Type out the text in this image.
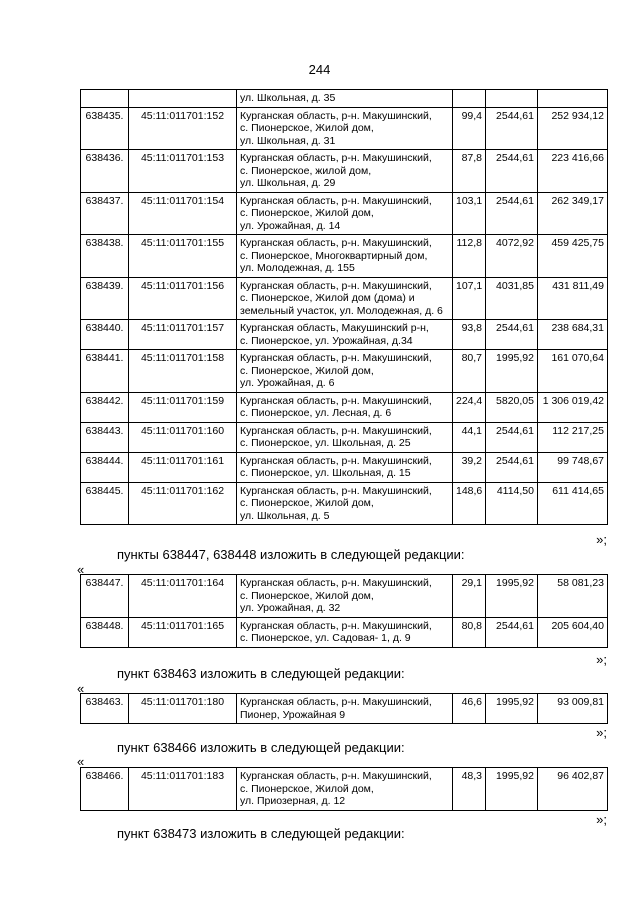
244
		ул. Школьная, д. 35			
638435.	45:11:011701:152	Курганская область, р-н. Макушинский,
с. Пионерское, Жилой дом,
ул. Школьная, д. 31	99,4	2544,61	252 934,12
638436.	45:11:011701:153	Курганская область, р-н. Макушинский,
с. Пионерское, жилой дом,
ул. Школьная, д. 29	87,8	2544,61	223 416,66
638437.	45:11:011701:154	Курганская область, р-н. Макушинский,
с. Пионерское, Жилой дом,
ул. Урожайная, д. 14	103,1	2544,61	262 349,17
638438.	45:11:011701:155	Курганская область, р-н. Макушинский,
с. Пионерское, Многоквартирный дом,
ул. Молодежная, д. 155	112,8	4072,92	459 425,75
638439.	45:11:011701:156	Курганская область, р-н. Макушинский,
с. Пионерское, Жилой дом (дома) и
земельный участок, ул. Молодежная, д. 6	107,1	4031,85	431 811,49
638440.	45:11:011701:157	Курганская область, Макушинский р-н,
с. Пионерское, ул. Урожайная, д.34	93,8	2544,61	238 684,31
638441.	45:11:011701:158	Курганская область, р-н. Макушинский,
с. Пионерское, Жилой дом,
ул. Урожайная, д. 6	80,7	1995,92	161 070,64
638442.	45:11:011701:159	Курганская область, р-н. Макушинский,
с. Пионерское, ул. Лесная, д. 6	224,4	5820,05	1 306 019,42
638443.	45:11:011701:160	Курганская область, р-н. Макушинский,
с. Пионерское, ул. Школьная, д. 25	44,1	2544,61	112 217,25
638444.	45:11:011701:161	Курганская область, р-н. Макушинский,
с. Пионерское, ул. Школьная, д. 15	39,2	2544,61	99 748,67
638445.	45:11:011701:162	Курганская область, р-н. Макушинский,
с. Пионерское, Жилой дом,
ул. Школьная, д. 5	148,6	4114,50	611 414,65
»;
пункты 638447, 638448 изложить в следующей редакции:
«
638447.	45:11:011701:164	Курганская область, р-н. Макушинский,
с. Пионерское, Жилой дом,
ул. Урожайная, д. 32	29,1	1995,92	58 081,23
638448.	45:11:011701:165	Курганская область, р-н. Макушинский,
с. Пионерское, ул. Садовая- 1, д. 9	80,8	2544,61	205 604,40
»;
пункт 638463 изложить в следующей редакции:
«
638463.	45:11:011701:180	Курганская область, р-н. Макушинский,
Пионер, Урожайная 9
	46,6	1995,92	93 009,81
»;
пункт 638466 изложить в следующей редакции:
«
638466.	45:11:011701:183	Курганская область, р-н. Макушинский,
с. Пионерское, Жилой дом,
ул. Приозерная, д. 12
	48,3	1995,92	96 402,87
»;
пункт 638473 изложить в следующей редакции:
